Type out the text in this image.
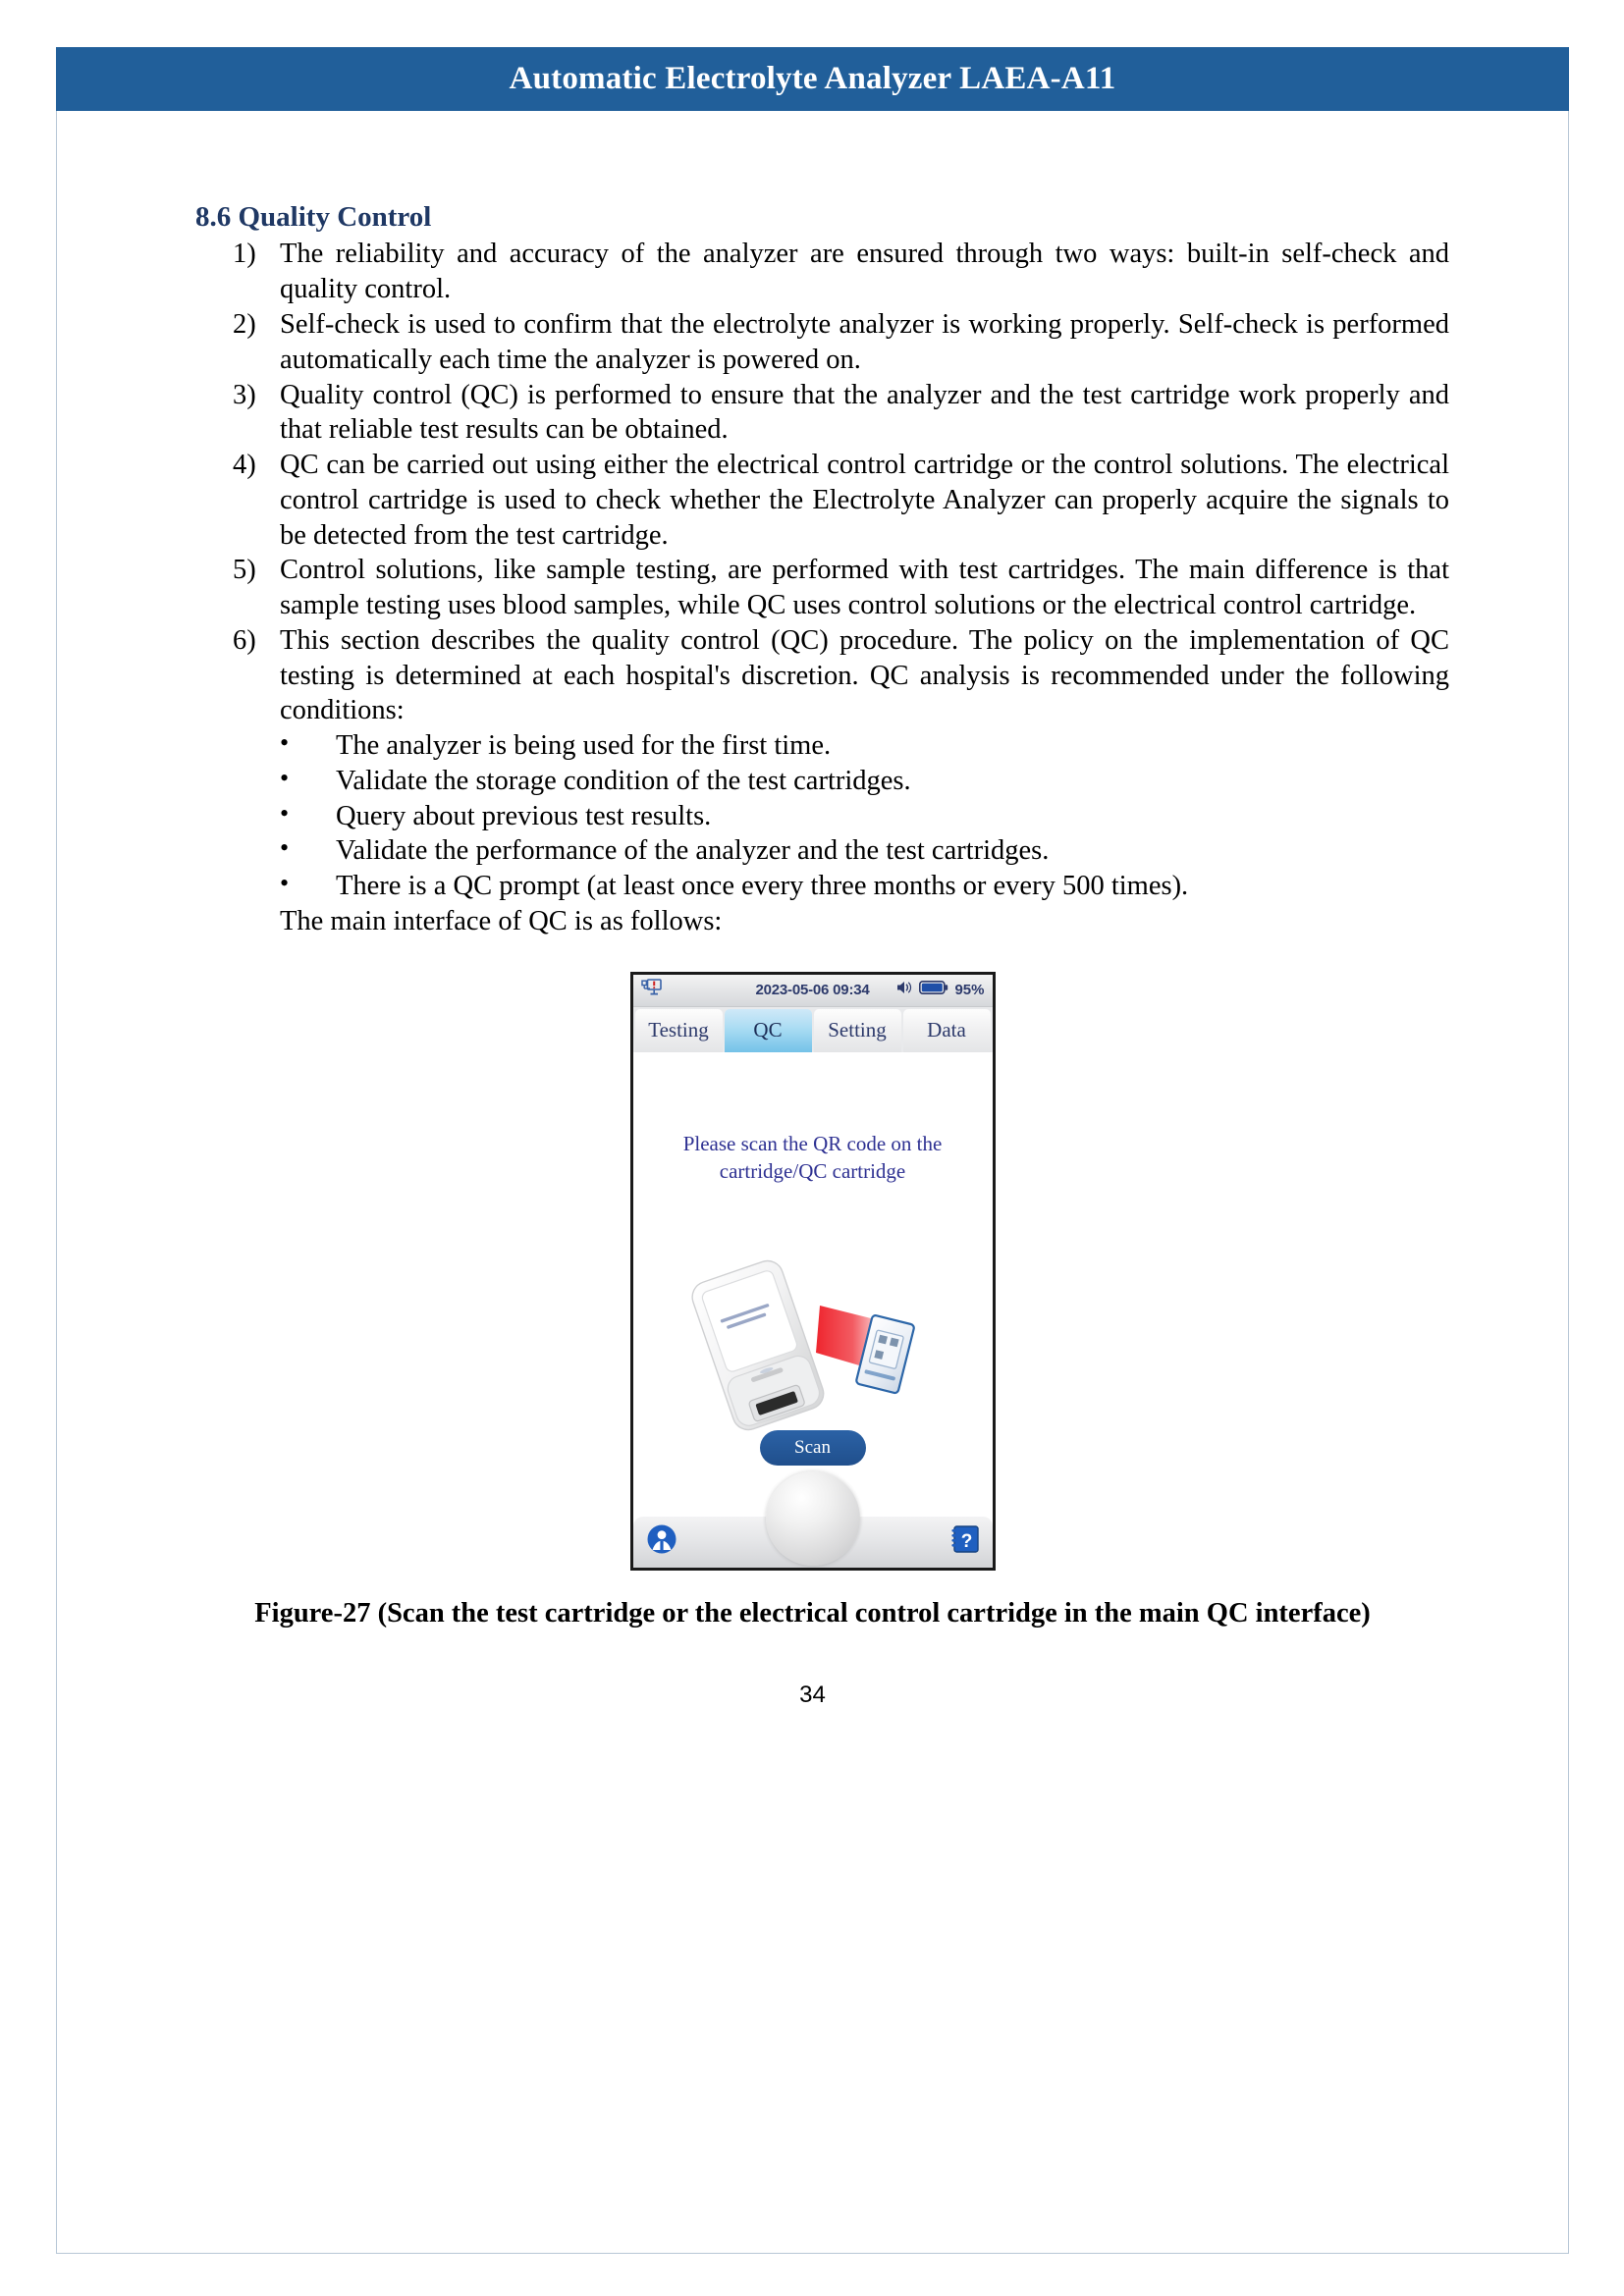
Automatic Electrolyte Analyzer LAEA-A11
8.6 Quality Control
1) The reliability and accuracy of the analyzer are ensured through two ways: built-in self-check and quality control.
2) Self-check is used to confirm that the electrolyte analyzer is working properly. Self-check is performed automatically each time the analyzer is powered on.
3) Quality control (QC) is performed to ensure that the analyzer and the test cartridge work properly and that reliable test results can be obtained.
4) QC can be carried out using either the electrical control cartridge or the control solutions. The electrical control cartridge is used to check whether the Electrolyte Analyzer can properly acquire the signals to be detected from the test cartridge.
5) Control solutions, like sample testing, are performed with test cartridges. The main difference is that sample testing uses blood samples, while QC uses control solutions or the electrical control cartridge.
6) This section describes the quality control (QC) procedure. The policy on the implementation of QC testing is determined at each hospital's discretion. QC analysis is recommended under the following conditions:
• The analyzer is being used for the first time.
• Validate the storage condition of the test cartridges.
• Query about previous test results.
• Validate the performance of the analyzer and the test cartridges.
• There is a QC prompt (at least once every three months or every 500 times).
The main interface of QC is as follows:
2023-05-06 09:34	95%
Testing	QC	Setting	Data
Please scan the QR code on the
cartridge/QC cartridge
Scan
?
Figure-27 (Scan the test cartridge or the electrical control cartridge in the main QC interface)
34
